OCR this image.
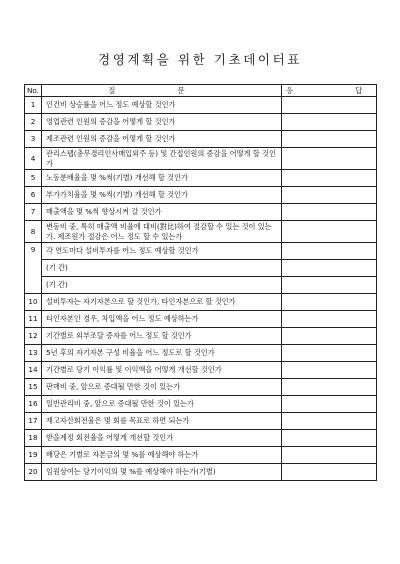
경영계획을 위한 기초데이터표
No.	질 문	응 답
1	인건비 상승률을 어느 정도 예상할 것인가	
2	영업관련 인원의 증감을 어떻게 할 것인가	
3	제조관련 인원의 증감을 어떻게 할 것인가	
4	관리스탭(총무경리인사매입외주 등) 및 간접인원의 증감을 어떻게 할 것인가	
5	노동분배율을 몇 %씩(기별) 개선해 할 것인가	
6	부가가치율을 몇 %씩(기별) 개선해 할 것인가	
7	매출액을 몇 %씩 향상시켜 갈 것인가	
8	변동비 중, 특히 매출액 비율에 대비(對比)하여 절감할 수 있는 것이 있는가. 제조원가 절감은 어느 정도 할 수 있는가	
9	각 연도마다 설비투자를 어느 정도 예상할 것인가
(기 간)
(기 간)	

10	설비투자는 자기자본으로 할 것인가, 타인자본으로 할 것인가	
11	타인자본인 경우, 차입액을 어느 정도 예상하는가	
12	기간별로 외부조달 증자를 어느 정도 할 것인가	
13	5년 후의 자기자본 구성 비율을 어느 정도로 할 것인가	
14	기간별로 당기 이익률 및 이익액을 어떻게 개선할 것인가	
15	판매비 중, 앞으로 증대될 만한 것이 있는가	
16	일반관리비 중, 앞으로 증대될 만한 것이 있는가	
17	재고자산회전율은 몇 회를 목표로 하면 되는가	
18	받을계정 회전율을 어떻게 개선할 것인가	
19	배당은 기별로 자본금의 몇 %를 예상해야 하는가	
20	임원상여는 당기이익의 몇 %를 예상해야 하는가(기별)	
